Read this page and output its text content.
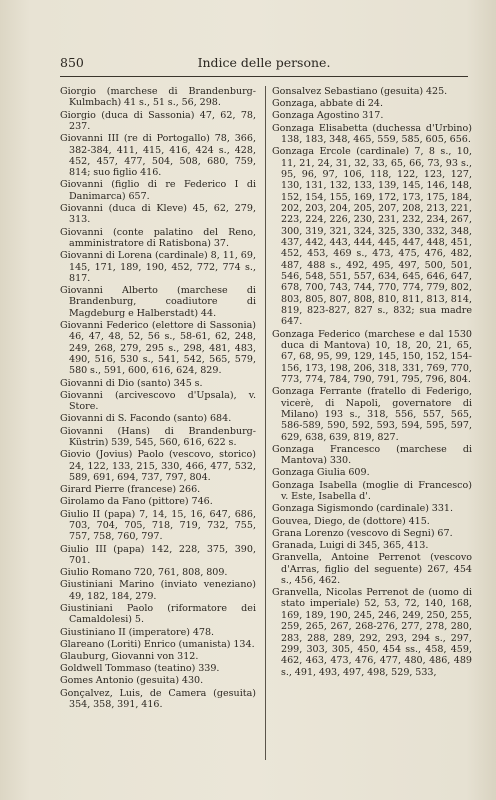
850	Indice delle persone.
Giorgio (marchese di Brandenburg-Kulmbach) 41 s., 51 s., 56, 298.
Giorgio (duca di Sassonia) 47, 62, 78, 237.
Giovanni III (re di Portogallo) 78, 366, 382-384, 411, 415, 416, 424 s., 428, 452, 457, 477, 504, 508, 680, 759, 814; suo figlio 416.
Giovanni (figlio di re Federico I di Danimarca) 657.
Giovanni (duca di Kleve) 45, 62, 279, 313.
Giovanni (conte palatino del Reno, amministratore di Ratisbona) 37.
Giovanni di Lorena (cardinale) 8, 11, 69, 145, 171, 189, 190, 452, 772, 774 s., 817.
Giovanni Alberto (marchese di Brandenburg, coadiutore di Magdeburg e Halberstadt) 44.
Giovanni Federico (elettore di Sassonia) 46, 47, 48, 52, 56 s., 58-61, 62, 248, 249, 268, 279, 295 s., 298, 481, 483, 490, 516, 530 s., 541, 542, 565, 579, 580 s., 591, 600, 616, 624, 829.
Giovanni di Dio (santo) 345 s.
Giovanni (arcivescovo d'Upsala), v. Store.
Giovanni di S. Facondo (santo) 684.
Giovanni (Hans) di Brandenburg-Küstrin) 539, 545, 560, 616, 622 s.
Giovio (Jovius) Paolo (vescovo, storico) 24, 122, 133, 215, 330, 466, 477, 532, 589, 691, 694, 737, 797, 804.
Girard Pierre (francese) 266.
Girolamo da Fano (pittore) 746.
Giulio II (papa) 7, 14, 15, 16, 647, 686, 703, 704, 705, 718, 719, 732, 755, 757, 758, 760, 797.
Giulio III (papa) 142, 228, 375, 390, 701.
Giulio Romano 720, 761, 808, 809.
Giustiniani Marino (inviato veneziano) 49, 182, 184, 279.
Giustiniani Paolo (riformatore dei Camaldolesi) 5.
Giustiniano II (imperatore) 478.
Glareano (Loriti) Enrico (umanista) 134.
Glauburg, Giovanni von 312.
Goldwell Tommaso (teatino) 339.
Gomes Antonio (gesuita) 430.
Gonçalvez, Luis, de Camera (gesuita) 354, 358, 391, 416.
Gonsalvez Sebastiano (gesuita) 425.
Gonzaga, abbate di 24.
Gonzaga Agostino 317.
Gonzaga Elisabetta (duchessa d'Urbino) 138, 183, 348, 465, 559, 585, 605, 656.
Gonzaga Ercole (cardinale) 7, 8 s., 10, 11, 21, 24, 31, 32, 33, 65, 66, 73, 93 s., 95, 96, 97, 106, 118, 122, 123, 127, 130, 131, 132, 133, 139, 145, 146, 148, 152, 154, 155, 169, 172, 173, 175, 184, 202, 203, 204, 205, 207, 208, 213, 221, 223, 224, 226, 230, 231, 232, 234, 267, 300, 319, 321, 324, 325, 330, 332, 348, 437, 442, 443, 444, 445, 447, 448, 451, 452, 453, 469 s., 473, 475, 476, 482, 487, 488 s., 492, 495, 497, 500, 501, 546, 548, 551, 557, 634, 645, 646, 647, 678, 700, 743, 744, 770, 774, 779, 802, 803, 805, 807, 808, 810, 811, 813, 814, 819, 823-827, 827 s., 832; sua madre 647.
Gonzaga Federico (marchese e dal 1530 duca di Mantova) 10, 18, 20, 21, 65, 67, 68, 95, 99, 129, 145, 150, 152, 154-156, 173, 198, 206, 318, 331, 769, 770, 773, 774, 784, 790, 791, 795, 796, 804.
Gonzaga Ferrante (fratello di Federigo, vicerè, di Napoli, governatore di Milano) 193 s., 318, 556, 557, 565, 586-589, 590, 592, 593, 594, 595, 597, 629, 638, 639, 819, 827.
Gonzaga Francesco (marchese di Mantova) 330.
Gonzaga Giulia 609.
Gonzaga Isabella (moglie di Francesco) v. Este, Isabella d'.
Gonzaga Sigismondo (cardinale) 331.
Gouvea, Diego, de (dottore) 415.
Grana Lorenzo (vescovo di Segni) 67.
Granada, Luigi di 345, 365, 413.
Granvella, Antoine Perrenot (vescovo d'Arras, figlio del seguente) 267, 454 s., 456, 462.
Granvella, Nicolas Perrenot de (uomo di stato imperiale) 52, 53, 72, 140, 168, 169, 189, 190, 245, 246, 249, 250, 255, 259, 265, 267, 268-276, 277, 278, 280, 283, 288, 289, 292, 293, 294 s., 297, 299, 303, 305, 450, 454 ss., 458, 459, 462, 463, 473, 476, 477, 480, 486, 489 s., 491, 493, 497, 498, 529, 533,
